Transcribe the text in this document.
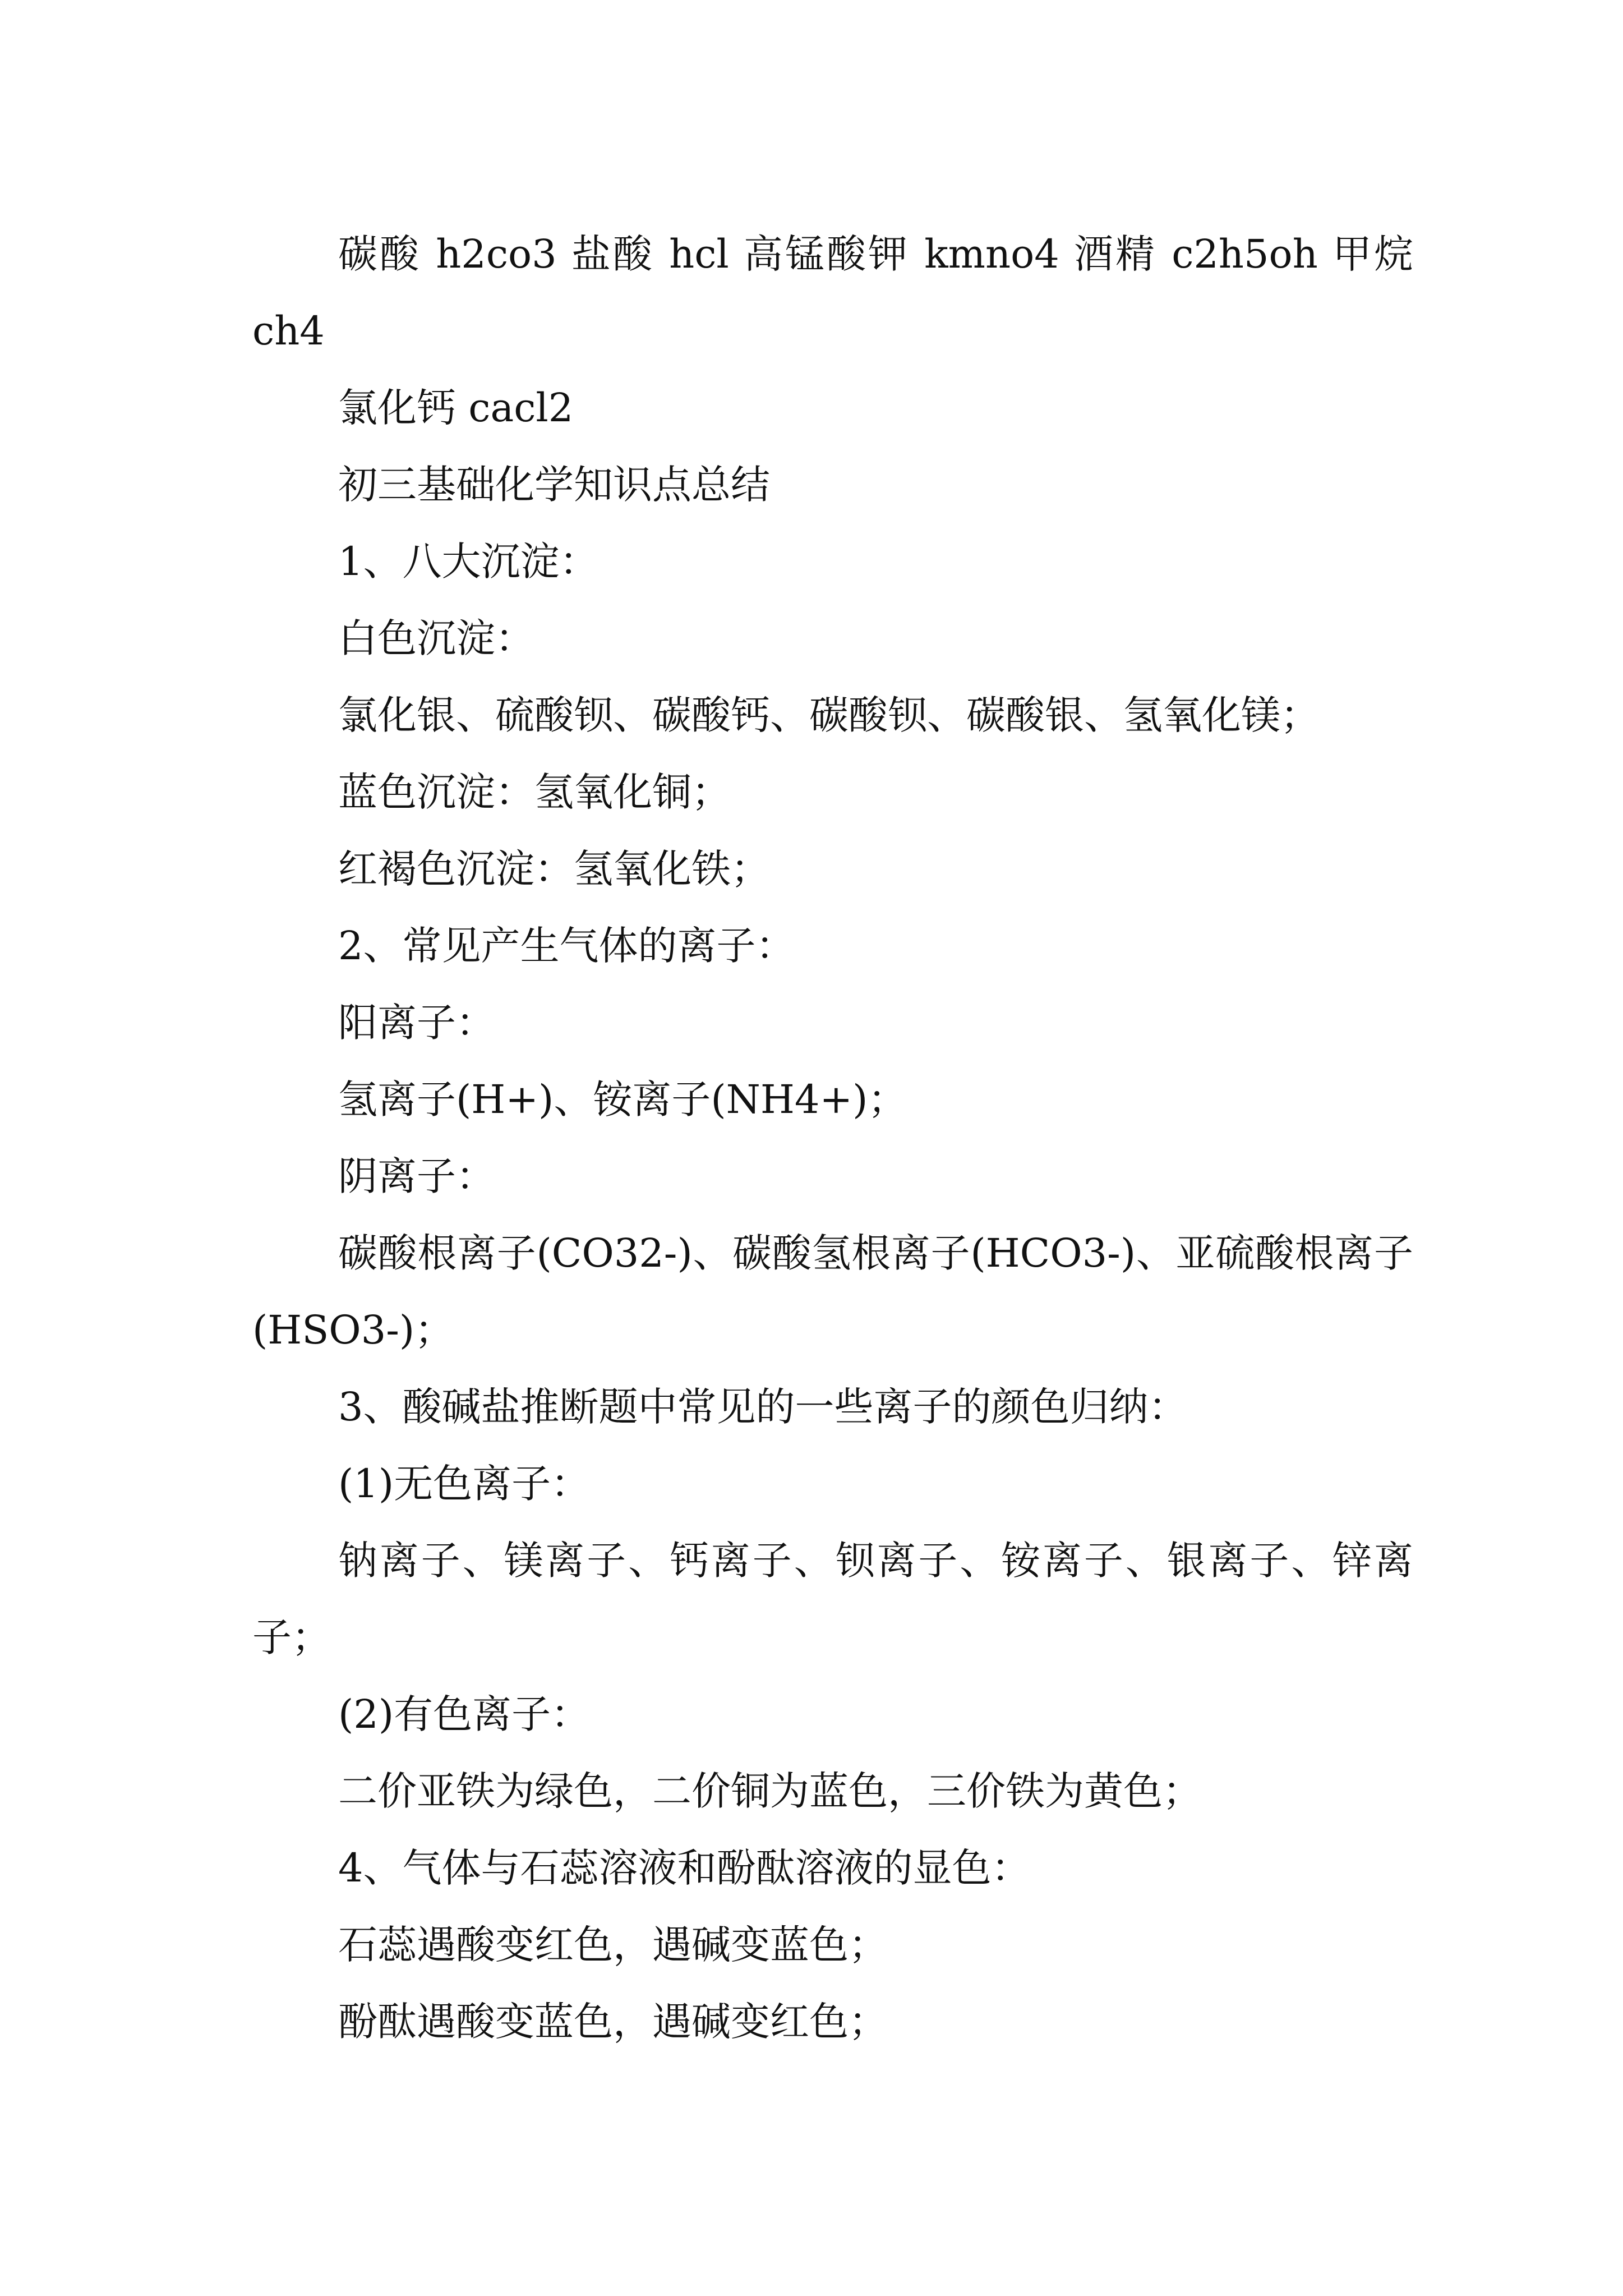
碳酸 h2co3 盐酸 hcl 高锰酸钾 kmno4 酒精 c2h5oh 甲烷 ch4

氯化钙 cacl2

初三基础化学知识点总结

1、八大沉淀：

白色沉淀：

氯化银、硫酸钡、碳酸钙、碳酸钡、碳酸银、氢氧化镁；

蓝色沉淀：氢氧化铜；

红褐色沉淀：氢氧化铁；

2、常见产生气体的离子：

阳离子：

氢离子(H+)、铵离子(NH4+)；

阴离子：

碳酸根离子(CO32-)、碳酸氢根离子(HCO3-)、亚硫酸根离子(HSO3-)；

3、酸碱盐推断题中常见的一些离子的颜色归纳：

(1)无色离子：

钠离子、镁离子、钙离子、钡离子、铵离子、银离子、锌离子；

(2)有色离子：

二价亚铁为绿色，二价铜为蓝色，三价铁为黄色；

4、气体与石蕊溶液和酚酞溶液的显色：

石蕊遇酸变红色，遇碱变蓝色；

酚酞遇酸变蓝色，遇碱变红色；
